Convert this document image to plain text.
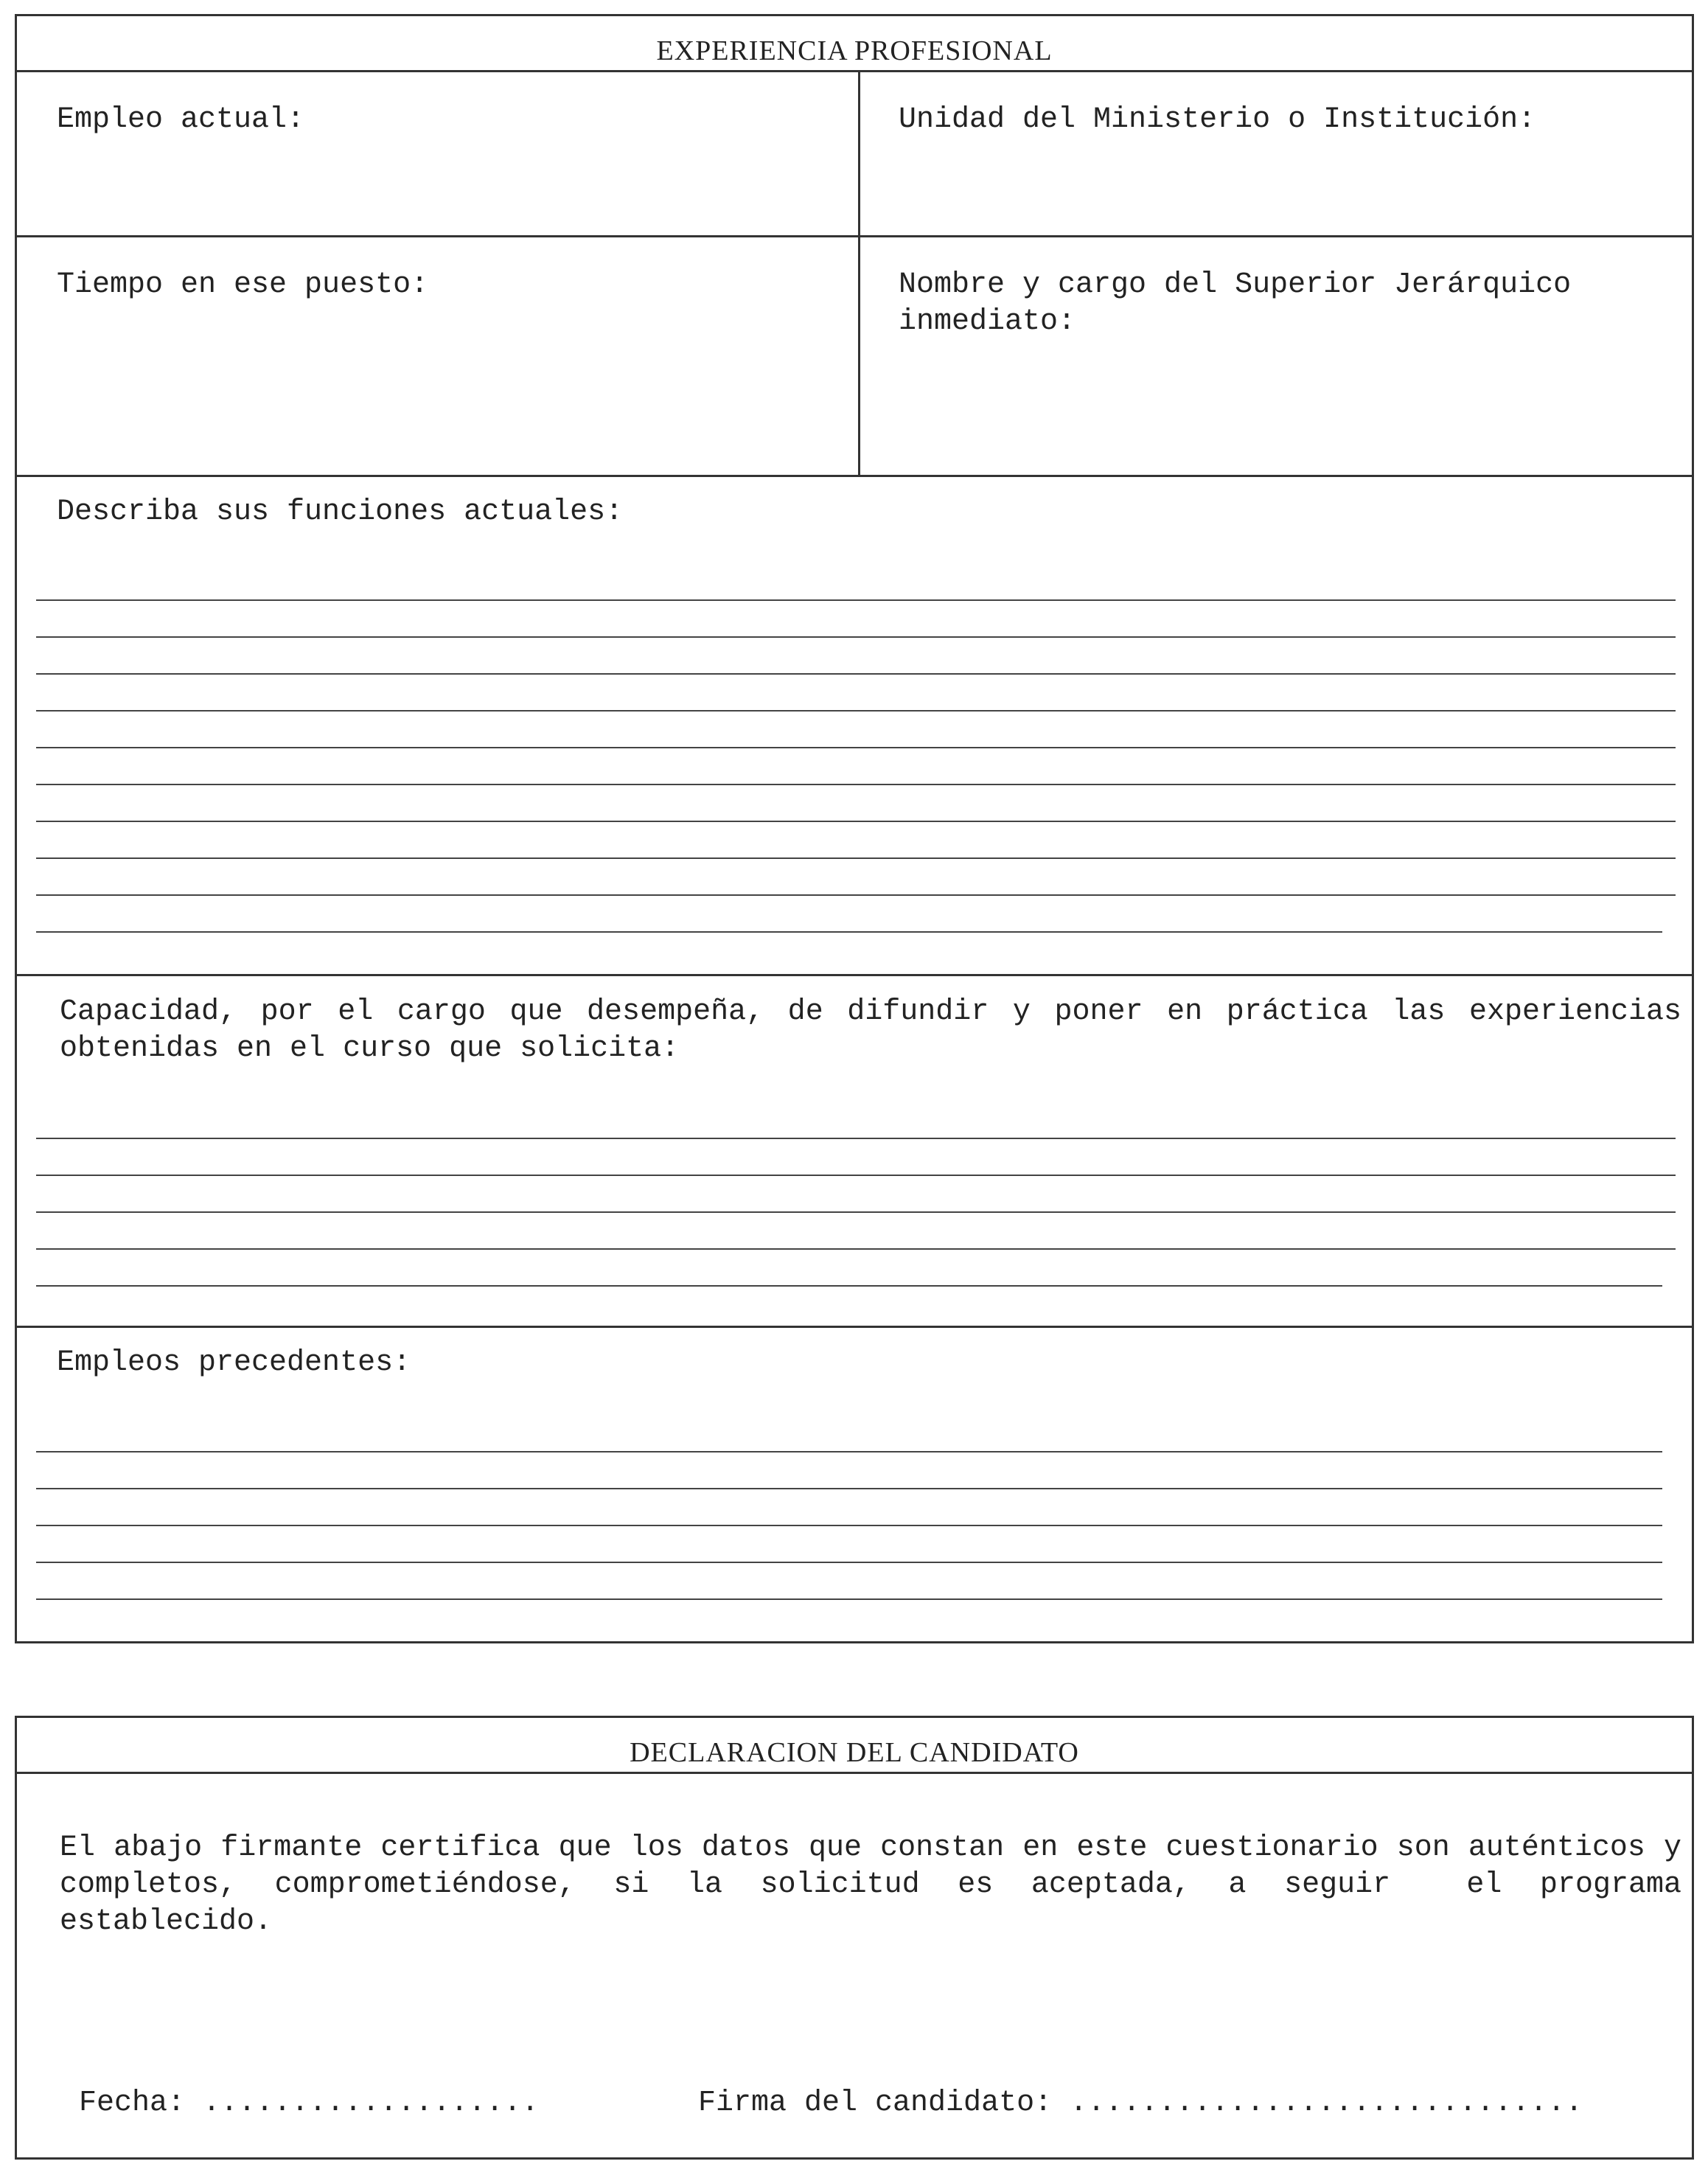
EXPERIENCIA PROFESIONAL
Empleo actual:	Unidad del Ministerio o Institución:
Tiempo en ese puesto:	Nombre y cargo del Superior Jerárquico
inmediato:
Describa sus funciones actuales:
Capacidad, por el cargo que desempeña, de difundir y poner en práctica las experiencias obtenidas en el curso que solicita:
Empleos precedentes:
DECLARACION DEL CANDIDATO
El abajo firmante certifica que los datos que constan en este cuestionario son auténticos y completos, comprometiéndose, si la solicitud es aceptada, a seguir  el programa establecido.
Fecha: ...................	Firma del candidato: .............................
